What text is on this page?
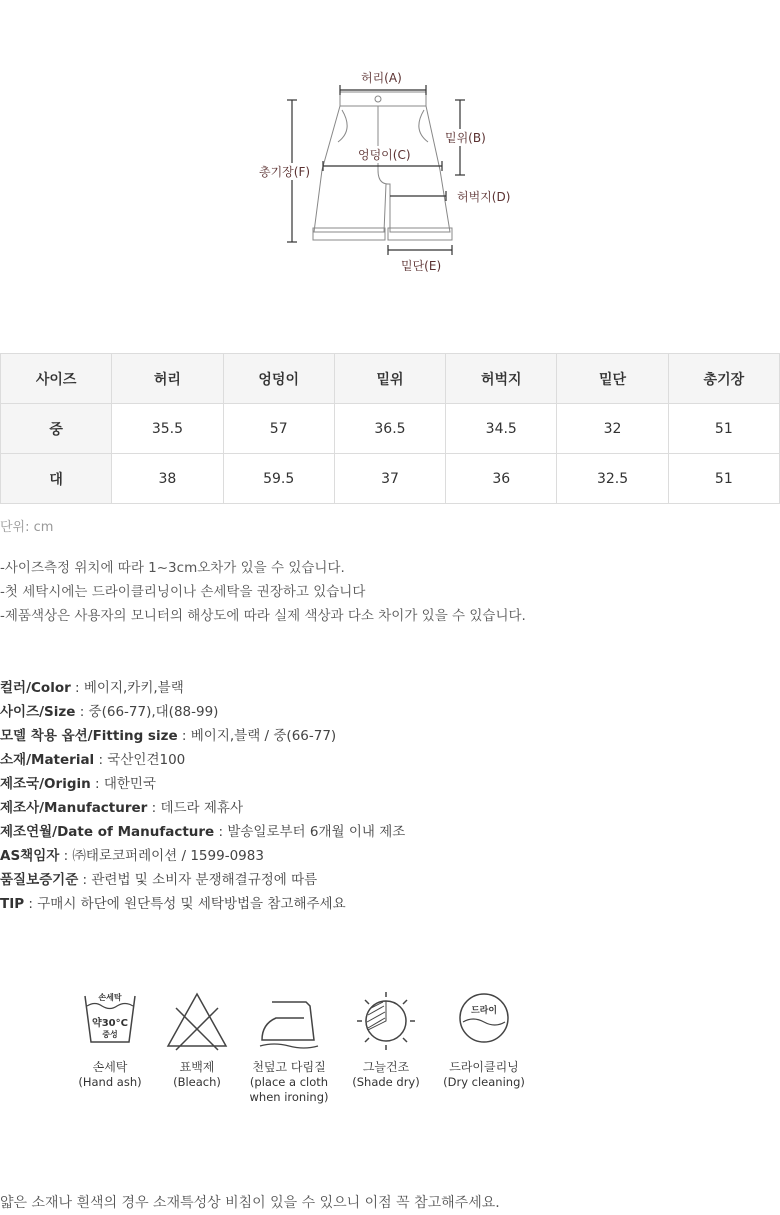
허리(A)
밑위(B)
엉덩이(C)
허벅지(D)
밑단(E)
총기장(F)
사이즈	허리	엉덩이	밑위	허벅지	밑단	총기장
중	35.5	57	36.5	34.5	32	51
대	38	59.5	37	36	32.5	51
단위: cm
-사이즈측정 위치에 따라 1~3cm오차가 있을 수 있습니다.
-첫 세탁시에는 드라이클리닝이나 손세탁을 권장하고 있습니다
-제품색상은 사용자의 모니터의 해상도에 따라 실제 색상과 다소 차이가 있을 수 있습니다.
컬러/Color : 베이지,카키,블랙
사이즈/Size : 중(66-77),대(88-99)
모델 착용 옵션/Fitting size : 베이지,블랙 / 중(66-77)
소재/Material : 국산인견100
제조국/Origin : 대한민국
제조사/Manufacturer : 데드라 제휴사
제조연월/Date of Manufacture : 발송일로부터 6개월 이내 제조
AS책임자 : ㈜태로코퍼레이션 / 1599-0983
품질보증기준 : 관련법 및 소비자 분쟁해결규정에 따름
TIP : 구매시 하단에 원단특성 및 세탁방법을 참고해주세요
손세탁
약30°C
중성
손세탁
(Hand ash)
표백제
(Bleach)
천덮고 다림질
(place a cloth
when ironing)
그늘건조
(Shade dry)
드라이
드라이클리닝
(Dry cleaning)
얇은 소재나 흰색의 경우 소재특성상 비침이 있을 수 있으니 이점 꼭 참고해주세요.
